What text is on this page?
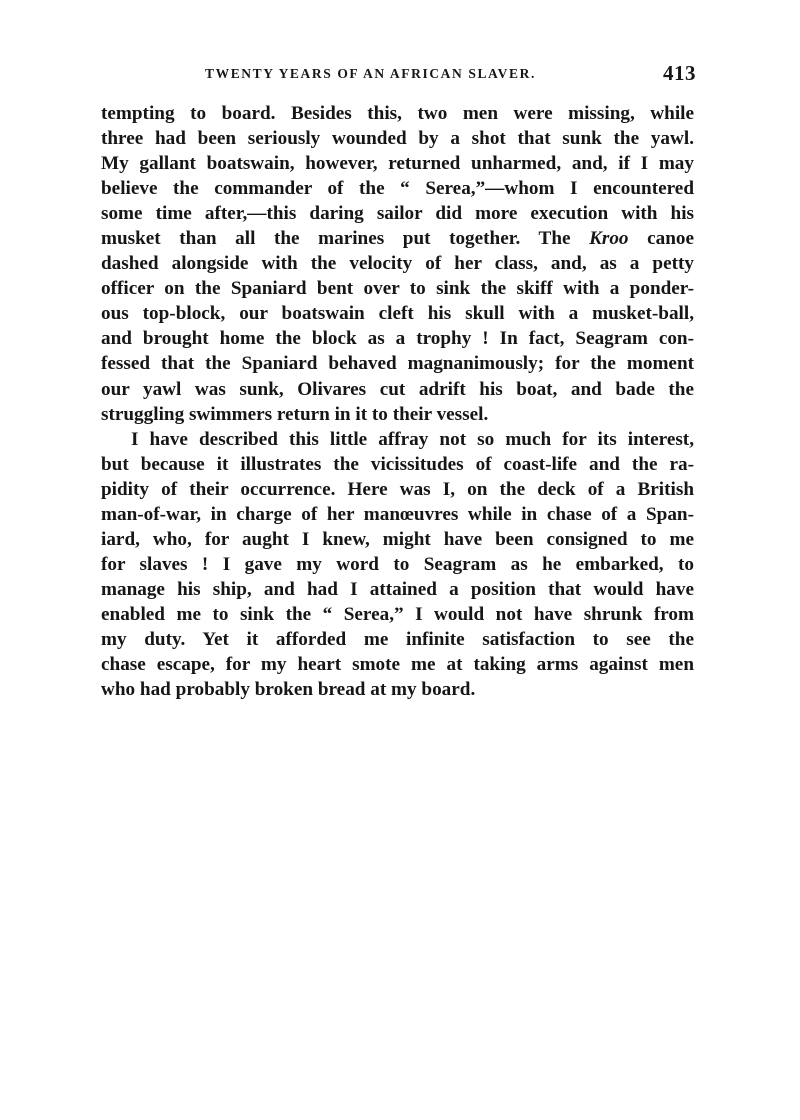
TWENTY YEARS OF AN AFRICAN SLAVER.	413

tempting to board. Besides this, two men were missing, while
three had been seriously wounded by a shot that sunk the yawl.
My gallant boatswain, however, returned unharmed, and, if I may
believe the commander of the “ Serea,”—whom I encountered
some time after,—this daring sailor did more execution with his
musket than all the marines put together. The Kroo canoe
dashed alongside with the velocity of her class, and, as a petty
officer on the Spaniard bent over to sink the skiff with a ponder-
ous top-block, our boatswain cleft his skull with a musket-ball,
and brought home the block as a trophy ! In fact, Seagram con-
fessed that the Spaniard behaved magnanimously; for the moment
our yawl was sunk, Olivares cut adrift his boat, and bade the
struggling swimmers return in it to their vessel.

I have described this little affray not so much for its interest,
but because it illustrates the vicissitudes of coast-life and the ra-
pidity of their occurrence. Here was I, on the deck of a British
man-of-war, in charge of her manœuvres while in chase of a Span-
iard, who, for aught I knew, might have been consigned to me
for slaves ! I gave my word to Seagram as he embarked, to
manage his ship, and had I attained a position that would have
enabled me to sink the “ Serea,” I would not have shrunk from
my duty. Yet it afforded me infinite satisfaction to see the
chase escape, for my heart smote me at taking arms against men
who had probably broken bread at my board.
